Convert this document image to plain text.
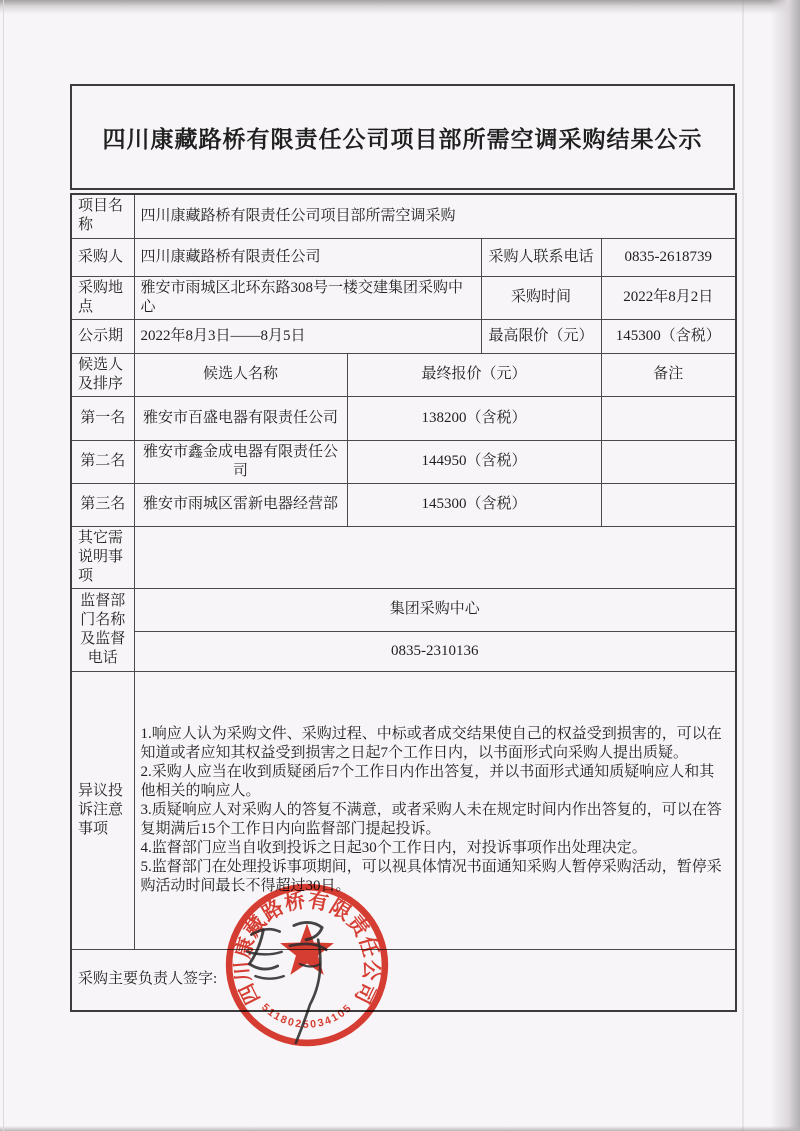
四川康藏路桥有限责任公司项目部所需空调采购结果公示
项目名称	四川康藏路桥有限责任公司项目部所需空调采购			
采购人	四川康藏路桥有限责任公司		采购人联系电话	0835-2618739
采购地点	雅安市雨城区北环东路308号一楼交建集团采购中心		采购时间	2022年8月2日
公示期	2022年8月3日——8月5日		最高限价（元）	145300（含税）
候选人及排序	候选人名称	最终报价（元）		备注
第一名	雅安市百盛电器有限责任公司	138200（含税）		
第二名	雅安市鑫金成电器有限责任公司	144950（含税）		
第三名	雅安市雨城区雷新电器经营部	145300（含税）		
其它需说明事项				
监督部门名称及监督电话	集团采购中心			
	0835-2310136			
异议投诉注意事项	1.响应人认为采购文件、采购过程、中标或者成交结果使自己的权益受到损害的，可以在知道或者应知其权益受到损害之日起7个工作日内，以书面形式向采购人提出质疑。
2.采购人应当在收到质疑函后7个工作日内作出答复，并以书面形式通知质疑响应人和其他相关的响应人。
3.质疑响应人对采购人的答复不满意，或者采购人未在规定时间内作出答复的，可以在答复期满后15个工作日内向监督部门提起投诉。
4.监督部门应当自收到投诉之日起30个工作日内，对投诉事项作出处理决定。
5.监督部门在处理投诉事项期间，可以视具体情况书面通知采购人暂停采购活动，暂停采购活动时间最长不得超过30日。			

采购主要负责人签字:				四川康藏路桥有限责任公司
5118025034105
